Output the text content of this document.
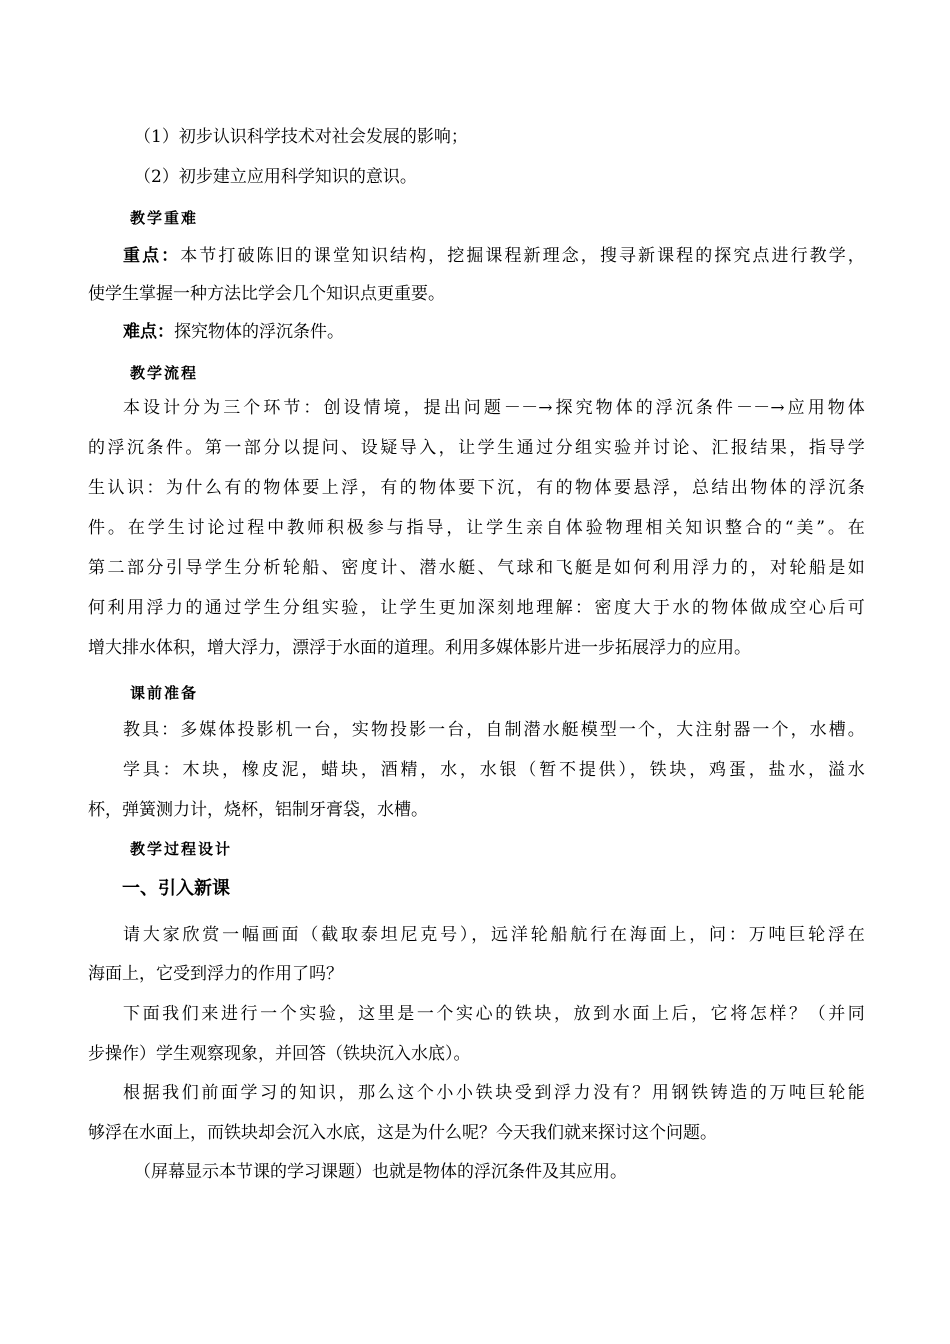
（1）初步认识科学技术对社会发展的影响；
（2）初步建立应用科学知识的意识。
教学重难
重点：本节打破陈旧的课堂知识结构，挖掘课程新理念，搜寻新课程的探究点进行教学，
使学生掌握一种方法比学会几个知识点更重要。
难点：探究物体的浮沉条件。
教学流程
本设计分为三个环节：创设情境，提出问题－－→探究物体的浮沉条件－－→应用物体
的浮沉条件。第一部分以提问、设疑导入，让学生通过分组实验并讨论、汇报结果，指导学
生认识：为什么有的物体要上浮，有的物体要下沉，有的物体要悬浮，总结出物体的浮沉条
件。在学生讨论过程中教师积极参与指导，让学生亲自体验物理相关知识整合的“美”。在
第二部分引导学生分析轮船、密度计、潜水艇、气球和飞艇是如何利用浮力的，对轮船是如
何利用浮力的通过学生分组实验，让学生更加深刻地理解：密度大于水的物体做成空心后可
增大排水体积，增大浮力，漂浮于水面的道理。利用多媒体影片进一步拓展浮力的应用。
课前准备
教具：多媒体投影机一台，实物投影一台，自制潜水艇模型一个，大注射器一个，水槽。
学具：木块，橡皮泥，蜡块，酒精，水，水银（暂不提供），铁块，鸡蛋，盐水，溢水
杯，弹簧测力计，烧杯，铝制牙膏袋，水槽。
教学过程设计
一、引入新课
请大家欣赏一幅画面（截取泰坦尼克号），远洋轮船航行在海面上，问：万吨巨轮浮在
海面上，它受到浮力的作用了吗？
下面我们来进行一个实验，这里是一个实心的铁块，放到水面上后，它将怎样？（并同
步操作）学生观察现象，并回答（铁块沉入水底）。
根据我们前面学习的知识，那么这个小小铁块受到浮力没有？用钢铁铸造的万吨巨轮能
够浮在水面上，而铁块却会沉入水底，这是为什么呢？今天我们就来探讨这个问题。
（屏幕显示本节课的学习课题）也就是物体的浮沉条件及其应用。
